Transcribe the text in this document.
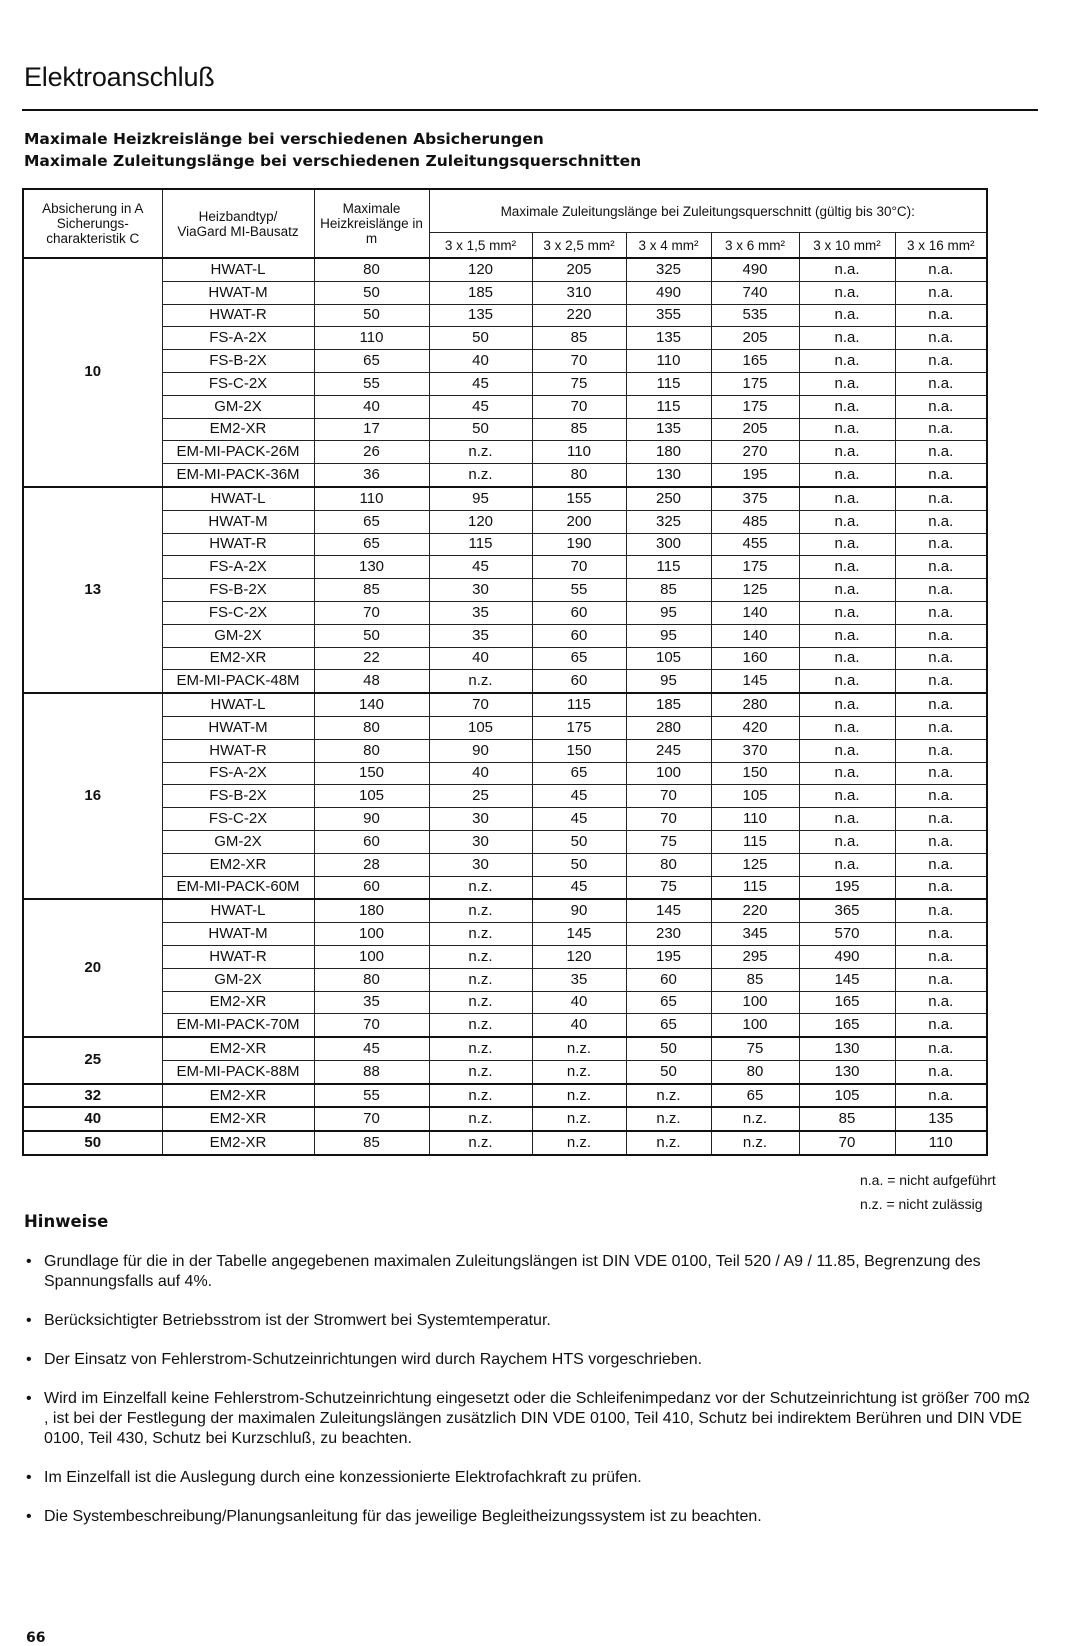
Elektroanschluß
Maximale Heizkreislänge bei verschiedenen Absicherungen
Maximale Zuleitungslänge bei verschiedenen Zuleitungsquerschnitten
Absicherung in A Sicherungs-charakteristik C	Heizbandtyp/ ViaGard MI-Bausatz	Maximale Heizkreislänge in m	Maximale Zuleitungslänge bei Zuleitungsquerschnitt (gültig bis 30°C):					
			3 x 1,5 mm²	3 x 2,5 mm²	3 x 4 mm²	3 x 6 mm²	3 x 10 mm²	3 x 16 mm²
10	HWAT-L	80	120	205	325	490	n.a.	n.a.
	HWAT-M	50	185	310	490	740	n.a.	n.a.
	HWAT-R	50	135	220	355	535	n.a.	n.a.
	FS-A-2X	110	50	85	135	205	n.a.	n.a.
	FS-B-2X	65	40	70	110	165	n.a.	n.a.
	FS-C-2X	55	45	75	115	175	n.a.	n.a.
	GM-2X	40	45	70	115	175	n.a.	n.a.
	EM2-XR	17	50	85	135	205	n.a.	n.a.
	EM-MI-PACK-26M	26	n.z.	110	180	270	n.a.	n.a.
	EM-MI-PACK-36M	36	n.z.	80	130	195	n.a.	n.a.
13	HWAT-L	110	95	155	250	375	n.a.	n.a.
	HWAT-M	65	120	200	325	485	n.a.	n.a.
	HWAT-R	65	115	190	300	455	n.a.	n.a.
	FS-A-2X	130	45	70	115	175	n.a.	n.a.
	FS-B-2X	85	30	55	85	125	n.a.	n.a.
	FS-C-2X	70	35	60	95	140	n.a.	n.a.
	GM-2X	50	35	60	95	140	n.a.	n.a.
	EM2-XR	22	40	65	105	160	n.a.	n.a.
	EM-MI-PACK-48M	48	n.z.	60	95	145	n.a.	n.a.
16	HWAT-L	140	70	115	185	280	n.a.	n.a.
	HWAT-M	80	105	175	280	420	n.a.	n.a.
	HWAT-R	80	90	150	245	370	n.a.	n.a.
	FS-A-2X	150	40	65	100	150	n.a.	n.a.
	FS-B-2X	105	25	45	70	105	n.a.	n.a.
	FS-C-2X	90	30	45	70	110	n.a.	n.a.
	GM-2X	60	30	50	75	115	n.a.	n.a.
	EM2-XR	28	30	50	80	125	n.a.	n.a.
	EM-MI-PACK-60M	60	n.z.	45	75	115	195	n.a.
20	HWAT-L	180	n.z.	90	145	220	365	n.a.
	HWAT-M	100	n.z.	145	230	345	570	n.a.
	HWAT-R	100	n.z.	120	195	295	490	n.a.
	GM-2X	80	n.z.	35	60	85	145	n.a.
	EM2-XR	35	n.z.	40	65	100	165	n.a.
	EM-MI-PACK-70M	70	n.z.	40	65	100	165	n.a.
25	EM2-XR	45	n.z.	n.z.	50	75	130	n.a.
	EM-MI-PACK-88M	88	n.z.	n.z.	50	80	130	n.a.
32	EM2-XR	55	n.z.	n.z.	n.z.	65	105	n.a.
40	EM2-XR	70	n.z.	n.z.	n.z.	n.z.	85	135
50	EM2-XR	85	n.z.	n.z.	n.z.	n.z.	70	110
n.a. = nicht aufgeführt
n.z. = nicht zulässig
Hinweise
• Grundlage für die in der Tabelle angegebenen maximalen Zuleitungslängen ist DIN VDE 0100, Teil 520 / A9 / 11.85, Begrenzung des Spannungsfalls auf 4%.
• Berücksichtigter Betriebsstrom ist der Stromwert bei Systemtemperatur.
• Der Einsatz von Fehlerstrom-Schutzeinrichtungen wird durch Raychem HTS vorgeschrieben.
• Wird im Einzelfall keine Fehlerstrom-Schutzeinrichtung eingesetzt oder die Schleifenimpedanz vor der Schutzeinrichtung ist größer 700 mΩ , ist bei der Festlegung der maximalen Zuleitungslängen zusätzlich DIN VDE 0100, Teil 410, Schutz bei indirektem Berühren und DIN VDE 0100, Teil 430, Schutz bei Kurzschluß, zu beachten.
• Im Einzelfall ist die Auslegung durch eine konzessionierte Elektrofachkraft zu prüfen.
• Die Systembeschreibung/Planungsanleitung für das jeweilige Begleitheizungssystem ist zu beachten.
66
